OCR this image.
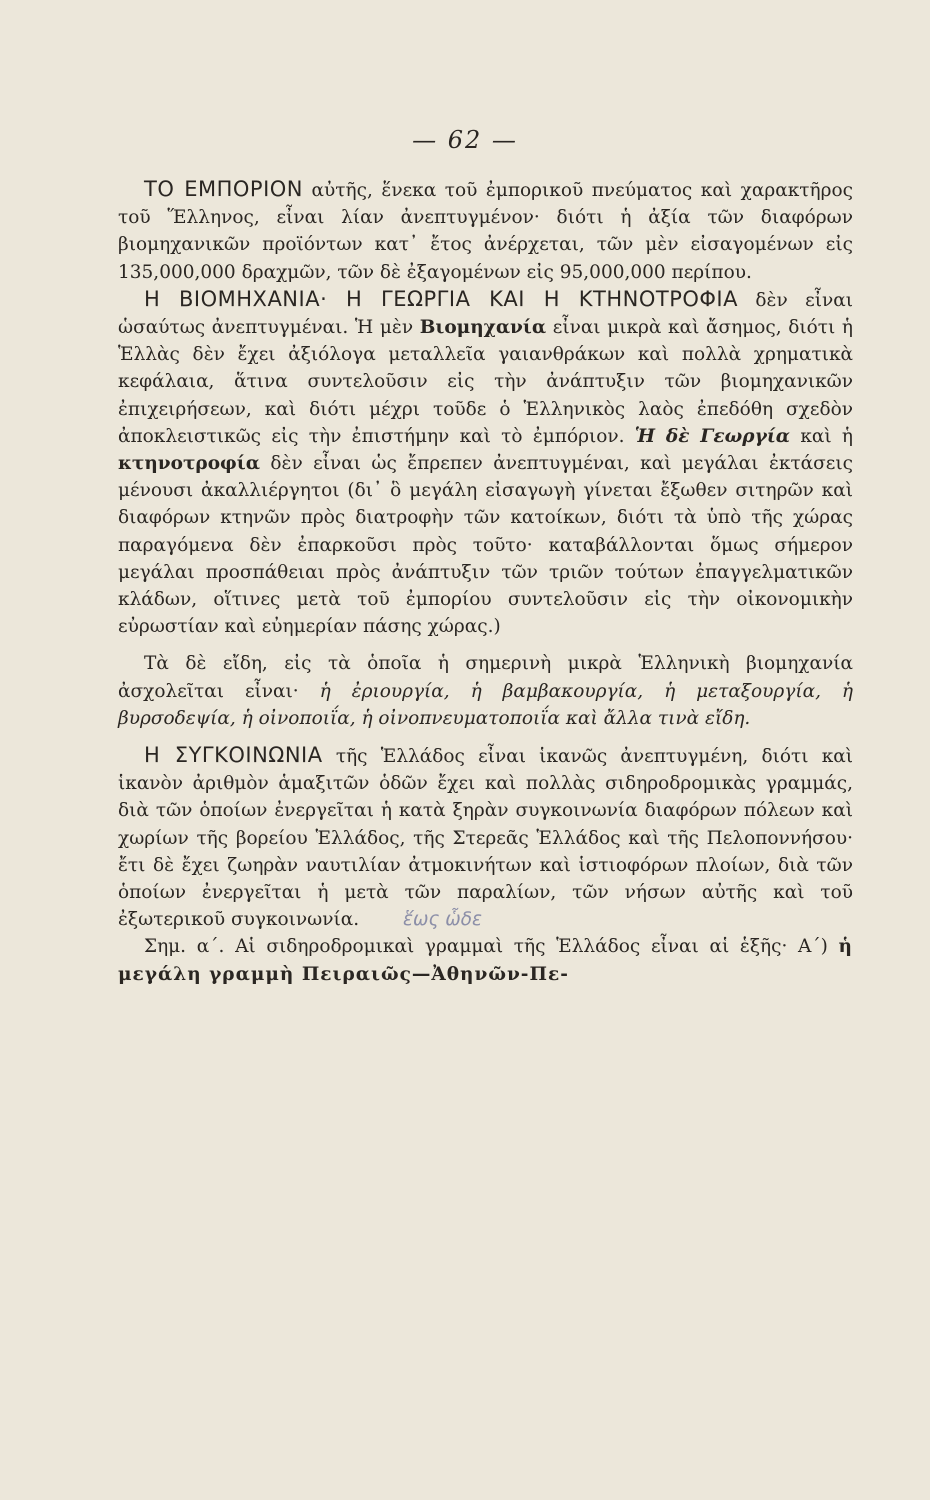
— 62 —

ΤΟ ΕΜΠΟΡΙΟΝ αὐτῆς, ἕνεκα τοῦ ἐμπορικοῦ πνεύματος καὶ χαρακτῆρος τοῦ Ἕλληνος, εἶναι λίαν ἀνεπτυγμένον· διότι ἡ ἀξία τῶν διαφόρων βιομηχανικῶν προϊόντων κατ᾽ ἔτος ἀνέρχεται, τῶν μὲν εἰσαγομένων εἰς 135,000,000 δραχμῶν, τῶν δὲ ἐξαγομένων εἰς 95,000,000 περίπου.

Η ΒΙΟΜΗΧΑΝΙΑ· Η ΓΕΩΡΓΙΑ ΚΑΙ Η ΚΤΗΝΟΤΡΟΦΙΑ δὲν εἶναι ὡσαύτως ἀνεπτυγμέναι. Ἡ μὲν Βιομηχανία εἶναι μικρὰ καὶ ἄσημος, διότι ἡ Ἑλλὰς δὲν ἔχει ἀξιόλογα μεταλλεῖα γαιανθράκων καὶ πολλὰ χρηματικὰ κεφάλαια, ἅτινα συντελοῦσιν εἰς τὴν ἀνάπτυξιν τῶν βιομηχανικῶν ἐπιχειρήσεων, καὶ διότι μέχρι τοῦδε ὁ Ἑλληνικὸς λαὸς ἐπεδόθη σχεδὸν ἀποκλειστικῶς εἰς τὴν ἐπιστήμην καὶ τὸ ἐμπόριον. Ἡ δὲ Γεωργία καὶ ἡ κτηνοτροφία δὲν εἶναι ὡς ἔπρεπεν ἀνεπτυγμέναι, καὶ μεγάλαι ἐκτάσεις μένουσι ἀκαλλιέργητοι (δι᾽ ὃ μεγάλη εἰσαγωγὴ γίνεται ἔξωθεν σιτηρῶν καὶ διαφόρων κτηνῶν πρὸς διατροφὴν τῶν κατοίκων, διότι τὰ ὑπὸ τῆς χώρας παραγόμενα δὲν ἐπαρκοῦσι πρὸς τοῦτο· καταβάλλονται ὅμως σήμερον μεγάλαι προσπάθειαι πρὸς ἀνάπτυξιν τῶν τριῶν τούτων ἐπαγγελματικῶν κλάδων, οἵτινες μετὰ τοῦ ἐμπορίου συντελοῦσιν εἰς τὴν οἰκονομικὴν εὐρωστίαν καὶ εὐημερίαν πάσης χώρας.)

Τὰ δὲ εἴδη, εἰς τὰ ὁποῖα ἡ σημερινὴ μικρὰ Ἑλληνικὴ βιομηχανία ἀσχολεῖται εἶναι· ἡ ἐριουργία, ἡ βαμβακουργία, ἡ μεταξουργία, ἡ βυρσοδεψία, ἡ οἰνοποιΐα, ἡ οἰνοπνευματοποιΐα καὶ ἄλλα τινὰ εἴδη.

Η ΣΥΓΚΟΙΝΩΝΙΑ τῆς Ἑλλάδος εἶναι ἱκανῶς ἀνεπτυγμένη, διότι καὶ ἱκανὸν ἀριθμὸν ἁμαξιτῶν ὁδῶν ἔχει καὶ πολλὰς σιδηροδρομικὰς γραμμάς, διὰ τῶν ὁποίων ἐνεργεῖται ἡ κατὰ ξηρὰν συγκοινωνία διαφόρων πόλεων καὶ χωρίων τῆς βορείου Ἑλλάδος, τῆς Στερεᾶς Ἑλλάδος καὶ τῆς Πελοποννήσου· ἔτι δὲ ἔχει ζωηρὰν ναυτιλίαν ἀτμοκινήτων καὶ ἱστιοφόρων πλοίων, διὰ τῶν ὁποίων ἐνεργεῖται ἡ μετὰ τῶν παραλίων, τῶν νήσων αὐτῆς καὶ τοῦ ἐξωτερικοῦ συγκοινωνία. ἕως ὧδε

Σημ. α΄. Αἱ σιδηροδρομικαὶ γραμμαὶ τῆς Ἑλλάδος εἶναι αἱ ἑξῆς· Α΄) ἡ μεγάλη γραμμὴ Πειραιῶς—Ἀθηνῶν-Πε-
